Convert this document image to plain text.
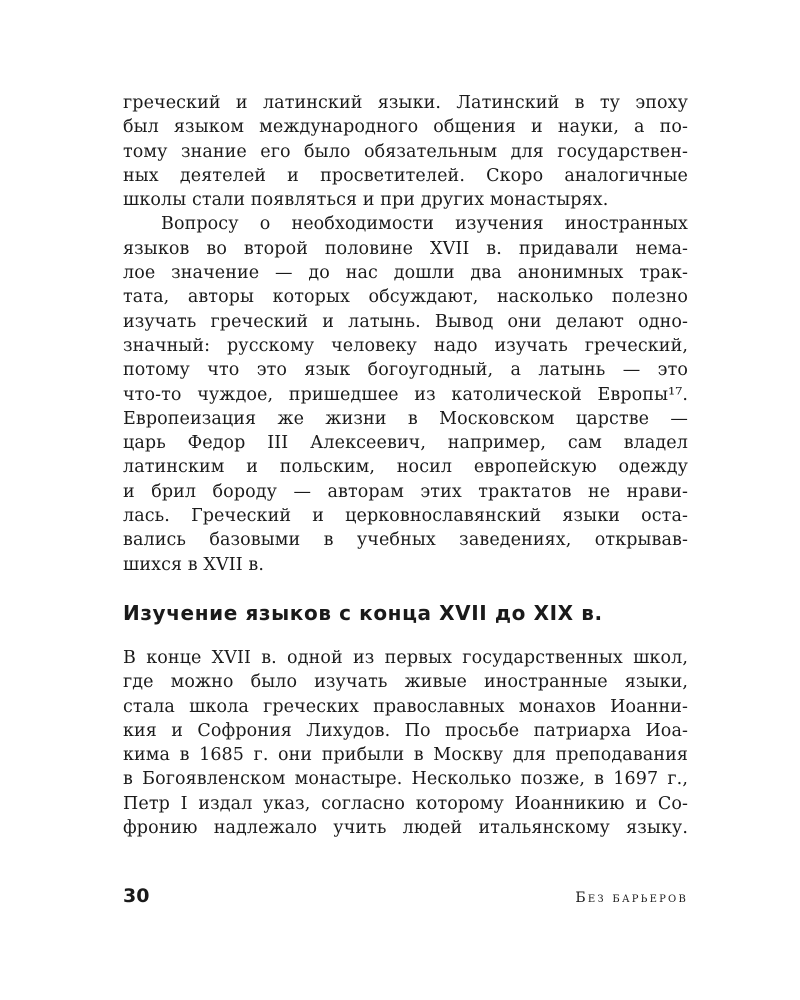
греческий и латинский языки. Латинский в ту эпоху
был языком международного общения и науки, а по-
тому знание его было обязательным для государствен-
ных деятелей и просветителей. Скоро аналогичные
школы стали появляться и при других монастырях.
Вопросу о необходимости изучения иностранных
языков во второй половине XVII в. придавали нема-
лое значение — до нас дошли два анонимных трак-
тата, авторы которых обсуждают, насколько полезно
изучать греческий и латынь. Вывод они делают одно-
значный: русскому человеку надо изучать греческий,
потому что это язык богоугодный, а латынь — это
что-то чуждое, пришедшее из католической Европы¹⁷.
Европеизация же жизни в Московском царстве —
царь Федор III Алексеевич, например, сам владел
латинским и польским, носил европейскую одежду
и брил бороду — авторам этих трактатов не нрави-
лась. Греческий и церковнославянский языки оста-
вались базовыми в учебных заведениях, открывав-
шихся в XVII в.
Изучение языков с конца XVII до XIX в.
В конце XVII в. одной из первых государственных школ,
где можно было изучать живые иностранные языки,
стала школа греческих православных монахов Иоанни-
кия и Софрония Лихудов. По просьбе патриарха Иоа-
кима в 1685 г. они прибыли в Москву для преподавания
в Богоявленском монастыре. Несколько позже, в 1697 г.,
Петр I издал указ, согласно которому Иоанникию и Со-
фронию надлежало учить людей итальянскому языку.
30	Без барьеров
